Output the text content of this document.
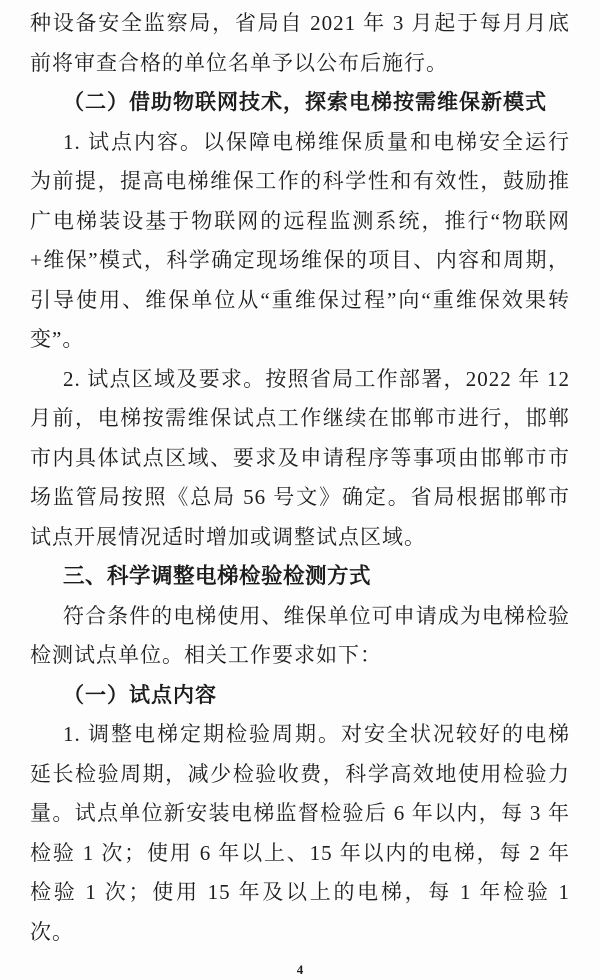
种设备安全监察局，省局自 2021 年 3 月起于每月月底前将审查合格的单位名单予以公布后施行。

（二）借助物联网技术，探索电梯按需维保新模式

1. 试点内容。以保障电梯维保质量和电梯安全运行为前提，提高电梯维保工作的科学性和有效性，鼓励推广电梯装设基于物联网的远程监测系统，推行“物联网+维保”模式，科学确定现场维保的项目、内容和周期，引导使用、维保单位从“重维保过程”向“重维保效果转变”。

2. 试点区域及要求。按照省局工作部署，2022 年 12 月前，电梯按需维保试点工作继续在邯郸市进行，邯郸市内具体试点区域、要求及申请程序等事项由邯郸市市场监管局按照《总局 56 号文》确定。省局根据邯郸市试点开展情况适时增加或调整试点区域。

三、科学调整电梯检验检测方式

符合条件的电梯使用、维保单位可申请成为电梯检验检测试点单位。相关工作要求如下：

（一）试点内容

1. 调整电梯定期检验周期。对安全状况较好的电梯延长检验周期，减少检验收费，科学高效地使用检验力量。试点单位新安装电梯监督检验后 6 年以内，每 3 年检验 1 次；使用 6 年以上、15 年以内的电梯，每 2 年检验 1 次；使用 15 年及以上的电梯，每 1 年检验 1 次。

4
